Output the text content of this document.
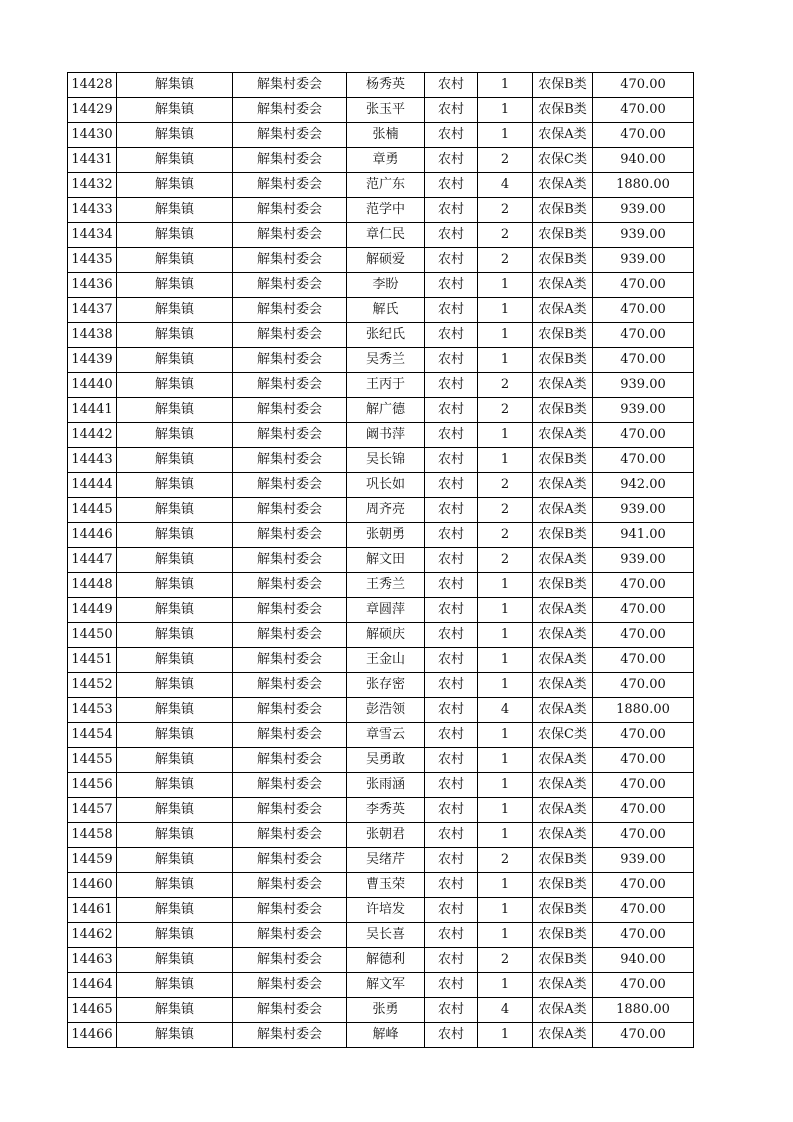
14428	解集镇	解集村委会	杨秀英	农村	1	农保B类	470.00
14429	解集镇	解集村委会	张玉平	农村	1	农保B类	470.00
14430	解集镇	解集村委会	张楠	农村	1	农保A类	470.00
14431	解集镇	解集村委会	章勇	农村	2	农保C类	940.00
14432	解集镇	解集村委会	范广东	农村	4	农保A类	1880.00
14433	解集镇	解集村委会	范学中	农村	2	农保B类	939.00
14434	解集镇	解集村委会	章仁民	农村	2	农保B类	939.00
14435	解集镇	解集村委会	解硕爱	农村	2	农保B类	939.00
14436	解集镇	解集村委会	李盼	农村	1	农保A类	470.00
14437	解集镇	解集村委会	解氏	农村	1	农保A类	470.00
14438	解集镇	解集村委会	张纪氏	农村	1	农保B类	470.00
14439	解集镇	解集村委会	吴秀兰	农村	1	农保B类	470.00
14440	解集镇	解集村委会	王丙于	农村	2	农保A类	939.00
14441	解集镇	解集村委会	解广德	农村	2	农保B类	939.00
14442	解集镇	解集村委会	阚书萍	农村	1	农保A类	470.00
14443	解集镇	解集村委会	吴长锦	农村	1	农保B类	470.00
14444	解集镇	解集村委会	巩长如	农村	2	农保A类	942.00
14445	解集镇	解集村委会	周齐亮	农村	2	农保A类	939.00
14446	解集镇	解集村委会	张朝勇	农村	2	农保B类	941.00
14447	解集镇	解集村委会	解文田	农村	2	农保A类	939.00
14448	解集镇	解集村委会	王秀兰	农村	1	农保B类	470.00
14449	解集镇	解集村委会	章圆萍	农村	1	农保A类	470.00
14450	解集镇	解集村委会	解硕庆	农村	1	农保A类	470.00
14451	解集镇	解集村委会	王金山	农村	1	农保A类	470.00
14452	解集镇	解集村委会	张存密	农村	1	农保A类	470.00
14453	解集镇	解集村委会	彭浩领	农村	4	农保A类	1880.00
14454	解集镇	解集村委会	章雪云	农村	1	农保C类	470.00
14455	解集镇	解集村委会	吴勇敢	农村	1	农保A类	470.00
14456	解集镇	解集村委会	张雨涵	农村	1	农保A类	470.00
14457	解集镇	解集村委会	李秀英	农村	1	农保A类	470.00
14458	解集镇	解集村委会	张朝君	农村	1	农保A类	470.00
14459	解集镇	解集村委会	吴绪芹	农村	2	农保B类	939.00
14460	解集镇	解集村委会	曹玉荣	农村	1	农保B类	470.00
14461	解集镇	解集村委会	许培发	农村	1	农保B类	470.00
14462	解集镇	解集村委会	吴长喜	农村	1	农保B类	470.00
14463	解集镇	解集村委会	解德利	农村	2	农保B类	940.00
14464	解集镇	解集村委会	解文军	农村	1	农保A类	470.00
14465	解集镇	解集村委会	张勇	农村	4	农保A类	1880.00
14466	解集镇	解集村委会	解峰	农村	1	农保A类	470.00
